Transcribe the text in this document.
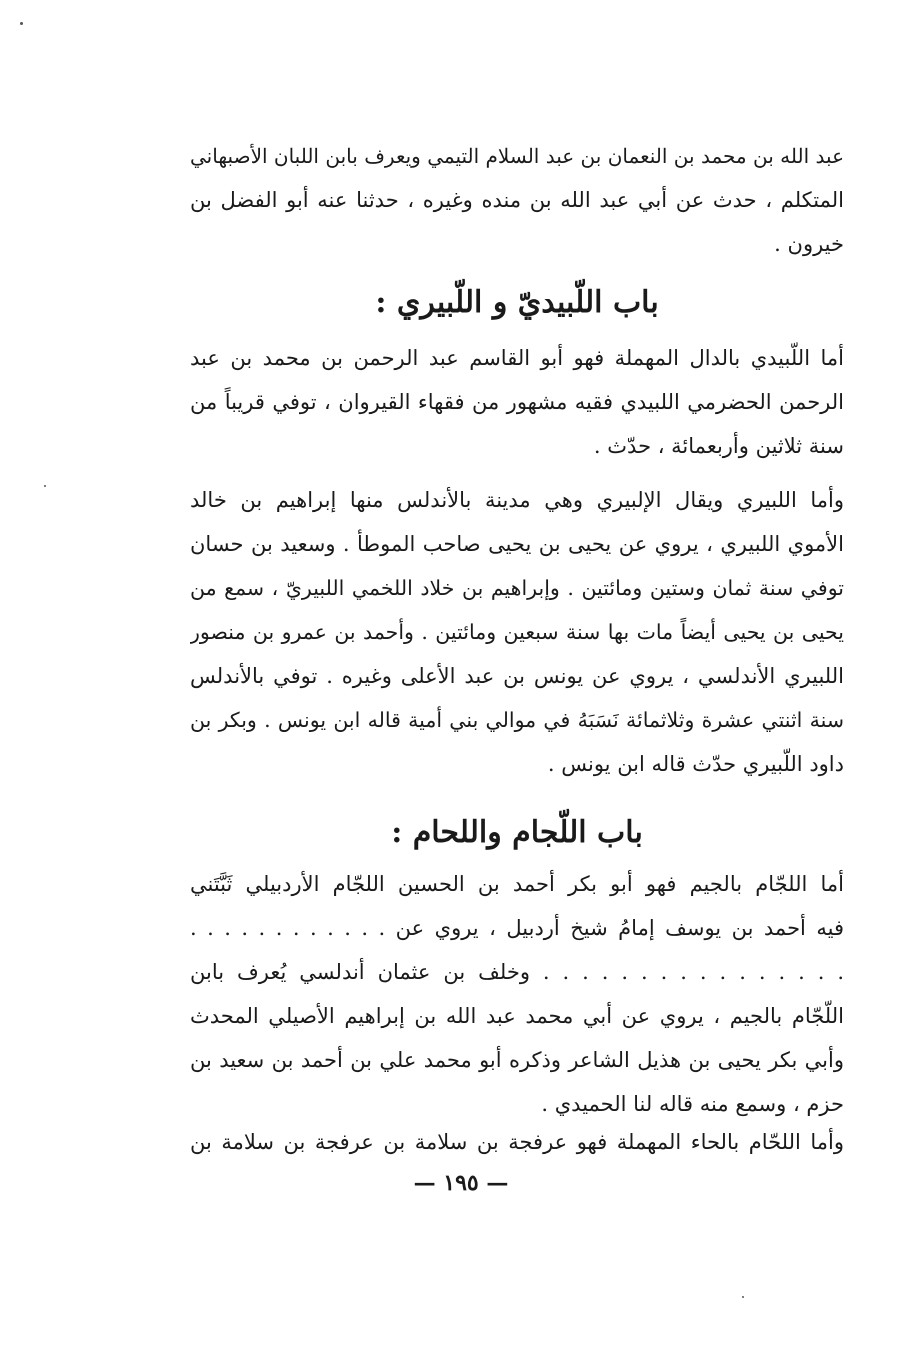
عبد الله بن محمد بن النعمان بن عبد السلام التيمي ويعرف بابن اللبان الأصبهاني
المتكلم ، حدث عن أبي عبد الله بن منده وغيره ، حدثنا عنه أبو الفضل بن
خيرون .
باب اللّبيديّ و اللّبيري :
أما اللّبيدي بالدال المهملة فهو أبو القاسم عبد الرحمن بن محمد بن عبد
الرحمن الحضرمي اللبيدي فقيه مشهور من فقهاء القيروان ، توفي قريباً من
سنة ثلاثين وأربعمائة ، حدّث .
وأما اللبيري ويقال الإلبيري وهي مدينة بالأندلس منها إبراهيم بن خالد
الأموي اللبيري ، يروي عن يحيى بن يحيى صاحب الموطأ . وسعيد بن حسان
توفي سنة ثمان وستين ومائتين . وإبراهيم بن خلاد اللخمي اللبيريّ ، سمع من
يحيى بن يحيى أيضاً مات بها سنة سبعين ومائتين . وأحمد بن عمرو بن منصور
اللبيري الأندلسي ، يروي عن يونس بن عبد الأعلى وغيره . توفي بالأندلس
سنة اثنتي عشرة وثلاثمائة نَسَبَهُ في موالي بني أمية قاله ابن يونس . وبكر بن
داود اللّبيري حدّث قاله ابن يونس .
باب اللّجام واللحام :
أما اللجّام بالجيم فهو أبو بكر أحمد بن الحسين اللجّام الأردبيلي ثَبَّتَني
فيه أحمد بن يوسف إمامُ شيخ أردبيل ، يروي عن . . . . . . . . . . . .
. . . . . . . . . . . . . . . . وخلف بن عثمان أندلسي يُعرف بابن
اللّجّام بالجيم ، يروي عن أبي محمد عبد الله بن إبراهيم الأصيلي المحدث
وأبي بكر يحيى بن هذيل الشاعر وذكره أبو محمد علي بن أحمد بن سعيد بن
حزم ، وسمع منه قاله لنا الحميدي .
وأما اللحّام بالحاء المهملة فهو عرفجة بن سلامة بن عرفجة بن سلامة بن
— ١٩٥ —
